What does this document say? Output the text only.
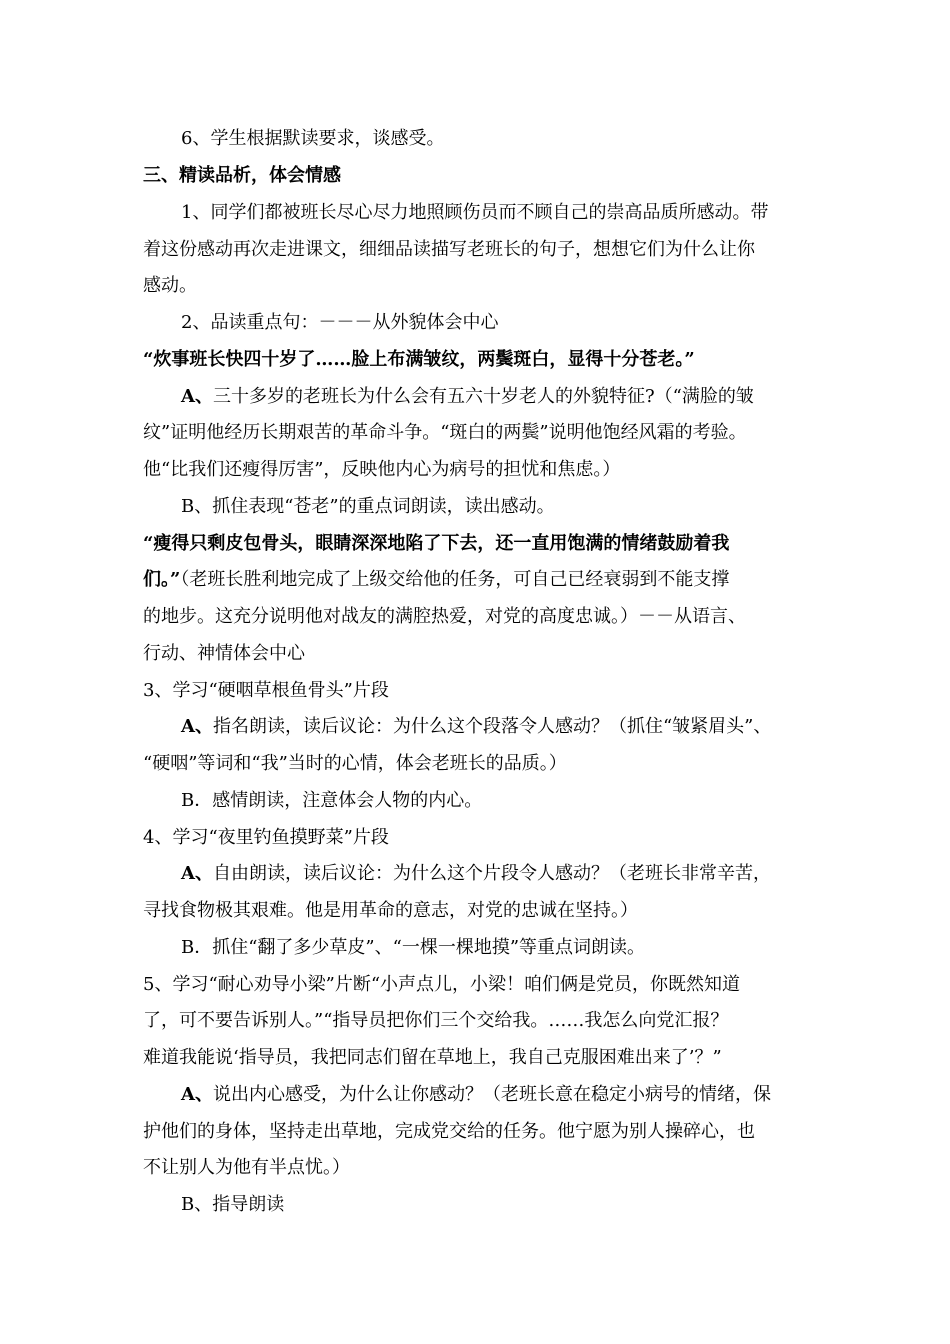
6、学生根据默读要求，谈感受。
三、精读品析，体会情感
1、同学们都被班长尽心尽力地照顾伤员而不顾自己的崇高品质所感动。带
着这份感动再次走进课文，细细品读描写老班长的句子，想想它们为什么让你
感动。
2、品读重点句：－－－从外貌体会中心
“炊事班长快四十岁了……脸上布满皱纹，两鬓斑白，显得十分苍老。”
A、三十多岁的老班长为什么会有五六十岁老人的外貌特征?（“满脸的皱
纹”证明他经历长期艰苦的革命斗争。“斑白的两鬓”说明他饱经风霜的考验。
他“比我们还瘦得厉害”，反映他内心为病号的担忧和焦虑。）
B、抓住表现“苍老”的重点词朗读，读出感动。
“瘦得只剩皮包骨头，眼睛深深地陷了下去，还一直用饱满的情绪鼓励着我
们。”（老班长胜利地完成了上级交给他的任务，可自己已经衰弱到不能支撑
的地步。这充分说明他对战友的满腔热爱，对党的高度忠诚。）－－从语言、
行动、神情体会中心
3、学习“硬咽草根鱼骨头”片段
A、指名朗读，读后议论：为什么这个段落令人感动？（抓住“皱紧眉头”、
“硬咽”等词和“我”当时的心情，体会老班长的品质。）
B．感情朗读，注意体会人物的内心。
4、学习“夜里钓鱼摸野菜”片段
A、自由朗读，读后议论：为什么这个片段令人感动？（老班长非常辛苦，
寻找食物极其艰难。他是用革命的意志，对党的忠诚在坚持。）
B．抓住“翻了多少草皮”、“一棵一棵地摸”等重点词朗读。
5、学习“耐心劝导小梁”片断“小声点儿，小梁！咱们俩是党员，你既然知道
了，可不要告诉别人。”“指导员把你们三个交给我。……我怎么向党汇报？
难道我能说‘指导员，我把同志们留在草地上，我自己克服困难出来了’？”
A、说出内心感受，为什么让你感动？（老班长意在稳定小病号的情绪，保
护他们的身体，坚持走出草地，完成党交给的任务。他宁愿为别人操碎心，也
不让别人为他有半点忧。）
B、指导朗读
